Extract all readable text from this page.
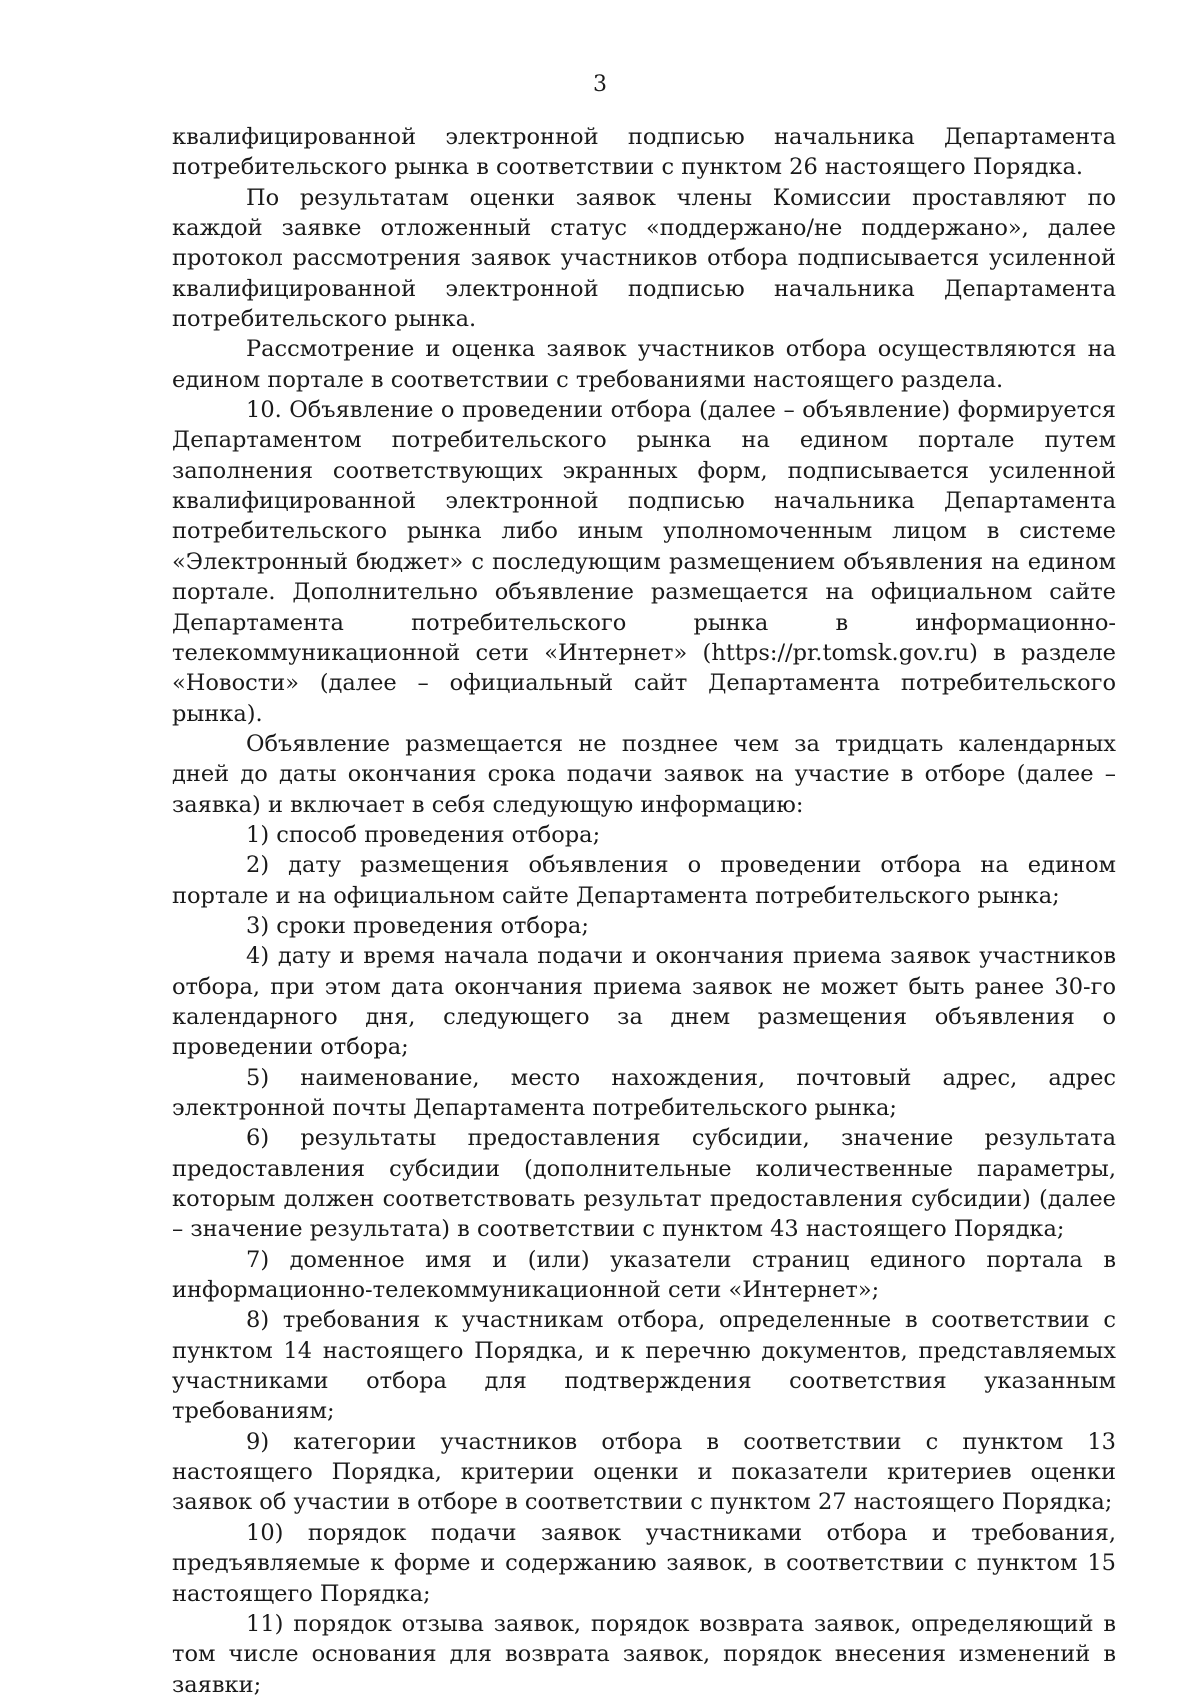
3

квалифицированной электронной подписью начальника Департамента потребительского рынка в соответствии с пунктом 26 настоящего Порядка.

По результатам оценки заявок члены Комиссии проставляют по каждой заявке отложенный статус «поддержано/не поддержано», далее протокол рассмотрения заявок участников отбора подписывается усиленной квалифицированной электронной подписью начальника Департамента потребительского рынка.

Рассмотрение и оценка заявок участников отбора осуществляются на едином портале в соответствии с требованиями настоящего раздела.

10. Объявление о проведении отбора (далее – объявление) формируется Департаментом потребительского рынка на едином портале путем заполнения соответствующих экранных форм, подписывается усиленной квалифицированной электронной подписью начальника Департамента потребительского рынка либо иным уполномоченным лицом в системе «Электронный бюджет» с последующим размещением объявления на едином портале. Дополнительно объявление размещается на официальном сайте Департамента потребительского рынка в информационно-телекоммуникационной сети «Интернет» (https://pr.tomsk.gov.ru) в разделе «Новости» (далее – официальный сайт Департамента потребительского рынка).

Объявление размещается не позднее чем за тридцать календарных дней до даты окончания срока подачи заявок на участие в отборе (далее – заявка) и включает в себя следующую информацию:

1) способ проведения отбора;

2) дату размещения объявления о проведении отбора на едином портале и на официальном сайте Департамента потребительского рынка;

3) сроки проведения отбора;

4) дату и время начала подачи и окончания приема заявок участников отбора, при этом дата окончания приема заявок не может быть ранее 30-го календарного дня, следующего за днем размещения объявления о проведении отбора;

5) наименование, место нахождения, почтовый адрес, адрес электронной почты Департамента потребительского рынка;

6) результаты предоставления субсидии, значение результата предоставления субсидии (дополнительные количественные параметры, которым должен соответствовать результат предоставления субсидии) (далее – значение результата) в соответствии с пунктом 43 настоящего Порядка;

7) доменное имя и (или) указатели страниц единого портала в информационно-телекоммуникационной сети «Интернет»;

8) требования к участникам отбора, определенные в соответствии с пунктом 14 настоящего Порядка, и к перечню документов, представляемых участниками отбора для подтверждения соответствия указанным требованиям;

9) категории участников отбора в соответствии с пунктом 13 настоящего Порядка, критерии оценки и показатели критериев оценки заявок об участии в отборе в соответствии с пунктом 27 настоящего Порядка;

10) порядок подачи заявок участниками отбора и требования, предъявляемые к форме и содержанию заявок, в соответствии с пунктом 15 настоящего Порядка;

11) порядок отзыва заявок, порядок возврата заявок, определяющий в том числе основания для возврата заявок, порядок внесения изменений в заявки;
